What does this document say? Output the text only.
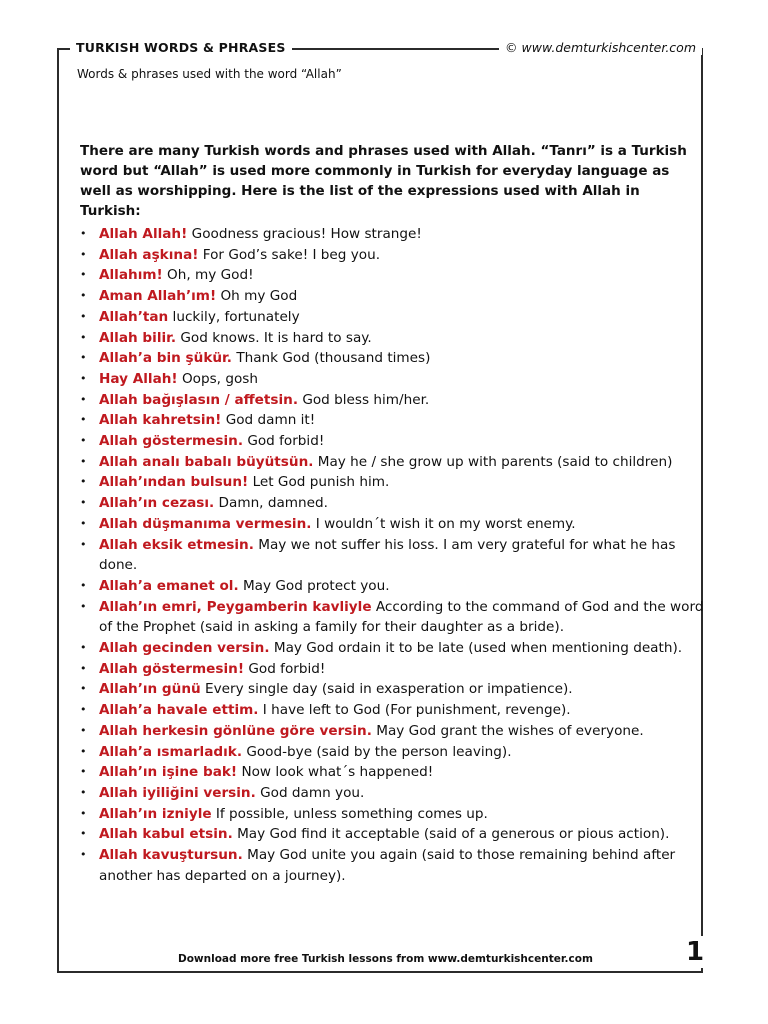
TURKISH WORDS & PHRASES	© www.demturkishcenter.com
Words & phrases used with the word “Allah”
There are many Turkish words and phrases used with Allah. “Tanrı” is a Turkish word but “Allah” is used more commonly in Turkish for everyday language as well as worshipping. Here is the list of the expressions used with Allah in Turkish:
• Allah Allah! Goodness gracious! How strange!
• Allah aşkına! For God’s sake! I beg you.
• Allahım! Oh, my God!
• Aman Allah’ım! Oh my God
• Allah’tan luckily, fortunately
• Allah bilir. God knows. It is hard to say.
• Allah’a bin şükür. Thank God (thousand times)
• Hay Allah! Oops, gosh
• Allah bağışlasın / affetsin. God bless him/her.
• Allah kahretsin! God damn it!
• Allah göstermesin. God forbid!
• Allah analı babalı büyütsün. May he / she grow up with parents (said to children)
• Allah’ından bulsun! Let God punish him.
• Allah’ın cezası. Damn, damned.
• Allah düşmanıma vermesin. I wouldn´t wish it on my worst enemy.
• Allah eksik etmesin. May we not suffer his loss. I am very grateful for what he has done.
• Allah’a emanet ol. May God protect you.
• Allah’ın emri, Peygamberin kavliyle According to the command of God and the word of the Prophet (said in asking a family for their daughter as a bride).
• Allah gecinden versin. May God ordain it to be late (used when mentioning death).
• Allah göstermesin! God forbid!
• Allah’ın günü Every single day (said in exasperation or impatience).
• Allah’a havale ettim. I have left to God (For punishment, revenge).
• Allah herkesin gönlüne göre versin. May God grant the wishes of everyone.
• Allah’a ısmarladık. Good-bye (said by the person leaving).
• Allah’ın işine bak! Now look what´s happened!
• Allah iyiliğini versin. God damn you.
• Allah’ın izniyle If possible, unless something comes up.
• Allah kabul etsin. May God find it acceptable (said of a generous or pious action).
• Allah kavuştursun. May God unite you again (said to those remaining behind after another has departed on a journey).
Download more free Turkish lessons from www.demturkishcenter.com	1
